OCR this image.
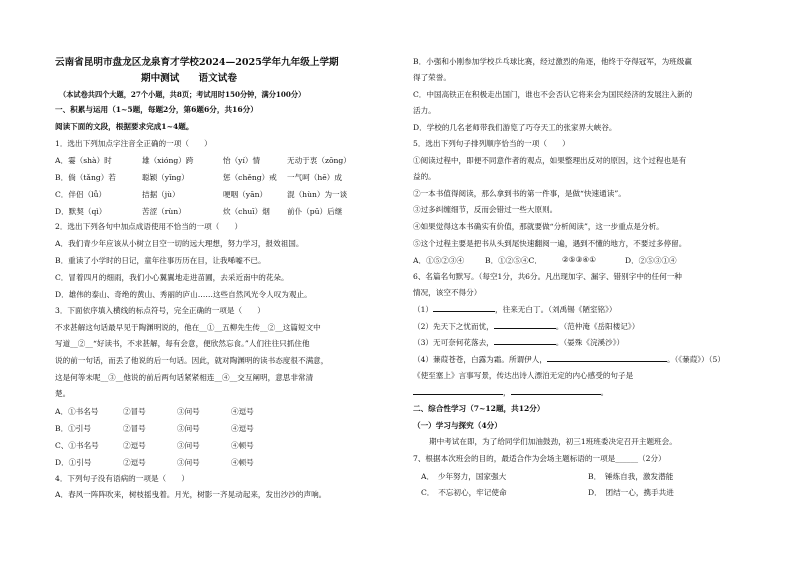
云南省昆明市盘龙区龙泉育才学校2024—2025学年九年级上学期
期中测试　　语文试卷
（本试卷共四个大题，27个小题，共8页；考试用时150分钟，满分100分）
一、积累与运用（1~5题，每题2分，第6题6分，共16分）
阅读下面的文段，根据要求完成1~4题。
1．选出下列加点字注音全正确的一项（　　）
A．霎（shà）时	雄（xióng）跨	怡（yí）情	无动于衷（zōng）
B．倘（tǎng）若	聪颖（yǐng）	惩（chěng）戒 一气呵（hē）成
C．伴侣（lǚ）	拮据（jù）	哽咽（yān）	混（hùn）为一谈
D．默契（qì）	苦涩（rùn）	炊（chuī）烟 前仆（pū）后继
2．选出下列各句中加点成语使用不恰当的一项（　　）
A．我们青少年应该从小树立目空一切的远大理想，努力学习，报效祖国。
B．重读了小学时的日记，童年往事历历在目，让我唏嘘不已。
C．冒着四月的细雨，我们小心翼翼地走进苗圃，去采近南中的花朵。
D．雄伟的泰山、奇绝的黄山、秀丽的庐山……这些自然风光令人叹为观止。
3．下面依序填入横线的标点符号，完全正确的一项是（　　）
不求甚解这句话最早见于陶渊明说的，他在__①__五柳先生传__②__这篇短文中
写道__②__“好读书，不求甚解，每有会意，便欣然忘食。”人们往往只抓住他
说的前一句话，而丢了他说的后一句话。因此，就对陶渊明的读书态度很不满意，
这是何等未呢__③__他说的前后两句话紧紧相连__④__交互阐明，意思非常清
楚。
A．①书名号	②冒号	③问号	④逗号
B．①引号	②冒号	③问号	④逗号
C、①书名号	②逗号	③问号	④顿号
D．①引号	②逗号	③问号	④顿号
4．下列句子没有语病的一项是（　　）
A．春风一阵阵吹来，树枝摇曳着。月光，树影一齐晃动起来，发出沙沙的声响。
B．小强和小刚参加学校乒乓球比赛，经过激烈的角逐，他终于夺得冠军，为班级赢
得了荣誉。
C．中国高铁正在积极走出国门，谁也不会否认它将来会为国民经济的发展注入新的
活力。
D．学校的几名老师带我们游览了巧夺天工的张家界大峡谷。
5．选出下列句子排列顺序恰当的一项（　　）
①阅读过程中，即便不同意作者的观点，如果整理出反对的原因，这个过程也是有
益的。
②一本书值得阅读，那么拿到书的第一件事，是做“快速通读”。
③过多纠缠细节，反而会错过一些大原则。
④如果觉得这本书确实有价值，那就要做“分析阅读”，这一步重点是分析。
⑤这个过程主要是把书从头到尾快速翻阅一遍，遇到不懂的地方，不要过多停留。
A．①⑤②③④	B．①②⑤④C．	②⑤③④①	D．②⑤③①④
6、名篇名句默写。（每空1分，共6分。凡出现加字、漏字、错别字中的任何一种
情况，该空不得分）
（1）	，往来无白丁。（刘禹锡《陋室铭》）
（2）先天下之忧而忧，	。（范仲淹《岳阳楼记》）
（3）无可奈何花落去，	。（晏殊《浣溪沙》）
（4）蒹葭苍苍，白露为霜。所谓伊人，	。（《蒹葭》）（5）
《使至塞上》言事写景，传达出诗人漂泊无定的内心感受的句子是
，	。
二、综合性学习（7~12题，共12分）
（一）学习与探究（4分）
期中考试在即，为了给同学们加油鼓劲，初三1班班委决定召开主题班会。
7、根据本次班会的目的，最适合作为会场主题标语的一项是______（2分）
A．　少年努力，国家强大	B．　锤炼自我，激发潜能
C．　不忘初心，牢记使命	D．　团结一心，携手共进
